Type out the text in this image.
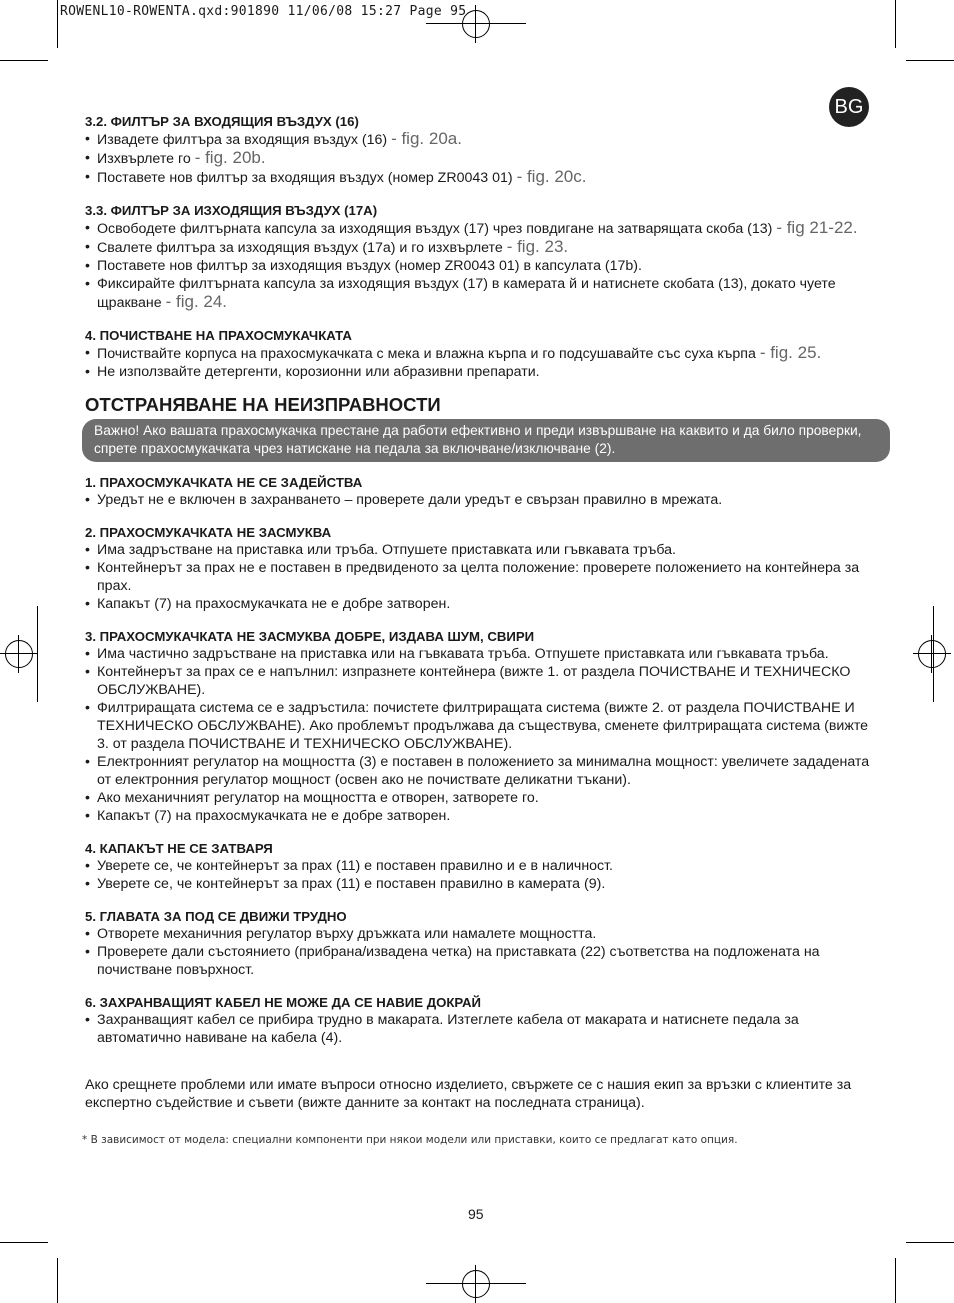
ROWENL10-ROWENTA.qxd:901890 11/06/08 15:27 Page 95
BG

3.2. ФИЛТЪР ЗА ВХОДЯЩИЯ ВЪЗДУХ (16)

• Извадете филтъра за входящия въздух (16) - fig. 20a.

• Изхвърлете го - fig. 20b.

• Поставете нов филтър за входящия въздух (номер ZR0043 01) - fig. 20c.

3.3. ФИЛТЪР ЗА ИЗХОДЯЩИЯ ВЪЗДУХ (17A)

• Освободете филтърната капсула за изходящия въздух (17) чрез повдигане на затварящата скоба (13) - fig 21-22.

• Свалете филтъра за изходящия въздух (17a) и го изхвърлете - fig. 23.

• Поставете нов филтър за изходящия въздух (номер ZR0043 01) в капсулата (17b).

• Фиксирайте филтърната капсула за изходящия въздух (17) в камерата й и натиснете скобата (13), докато чуете щракване - fig. 24.

4. ПОЧИСТВАНЕ НА ПРАХОСМУКАЧКАТА

• Почиствайте корпуса на прахосмукачката с мека и влажна кърпа и го подсушавайте със суха кърпа - fig. 25.

• Не използвайте детергенти, корозионни или абразивни препарати.

ОТСТРАНЯВАНЕ НА НЕИЗПРАВНОСТИ

Важно! Ако вашата прахосмукачка престане да работи ефективно и преди извършване на каквито и да било проверки, спрете прахосмукачката чрез натискане на педала за включване/изключване (2).

1. ПРАХОСМУКАЧКАТА НЕ СЕ ЗАДЕЙСТВА

• Уредът не е включен в захранването – проверете дали уредът е свързан правилно в мрежата.

2. ПРАХОСМУКАЧКАТА НЕ ЗАСМУКВА

• Има задръстване на приставка или тръба. Отпушете приставката или гъвкавата тръба.

• Контейнерът за прах не е поставен в предвиденото за целта положение: проверете положението на контейнера за прах.

• Капакът (7) на прахосмукачката не е добре затворен.

3. ПРАХОСМУКАЧКАТА НЕ ЗАСМУКВА ДОБРЕ, ИЗДАВА ШУМ, СВИРИ

• Има частично задръстване на приставка или на гъвкавата тръба. Отпушете приставката или гъвкавата тръба.

• Контейнерът за прах се е напълнил: изпразнете контейнера (вижте 1. от раздела ПОЧИСТВАНЕ И ТЕХНИЧЕСКО ОБСЛУЖВАНЕ).

• Филтриращата система се е задръстила: почистете филтриращата система (вижте 2. от раздела ПОЧИСТВАНЕ И ТЕХНИЧЕСКО ОБСЛУЖВАНЕ). Ако проблемът продължава да съществува, сменете филтриращата система (вижте 3. от раздела ПОЧИСТВАНЕ И ТЕХНИЧЕСКО ОБСЛУЖВАНЕ).

• Електронният регулатор на мощността (3) е поставен в положението за минимална мощност: увеличете зададената от електронния регулатор мощност (освен ако не почиствате деликатни тъкани).

• Ако механичният регулатор на мощността е отворен, затворете го.

• Капакът (7) на прахосмукачката не е добре затворен.

4. КАПАКЪТ НЕ СЕ ЗАТВАРЯ

• Уверете се, че контейнерът за прах (11) е поставен правилно и е в наличност.

• Уверете се, че контейнерът за прах (11) е поставен правилно в камерата (9).

5. ГЛАВАТА ЗА ПОД СЕ ДВИЖИ ТРУДНО

• Отворете механичния регулатор върху дръжката или намалете мощността.

• Проверете дали състоянието (прибрана/извадена четка) на приставката (22) съответства на подложената на почистване повърхност.

6. ЗАХРАНВАЩИЯТ КАБЕЛ НЕ МОЖЕ ДА СЕ НАВИЕ ДОКРАЙ

• Захранващият кабел се прибира трудно в макарата. Изтеглете кабела от макарата и натиснете педала за автоматично навиване на кабела (4).

Ако срещнете проблеми или имате въпроси относно изделието, свържете се с нашия екип за връзки с клиентите за експертно съдействие и съвети (вижте данните за контакт на последната страница).

* В зависимост от модела: специални компоненти при някои модели или приставки, които се предлагат като опция.

95
